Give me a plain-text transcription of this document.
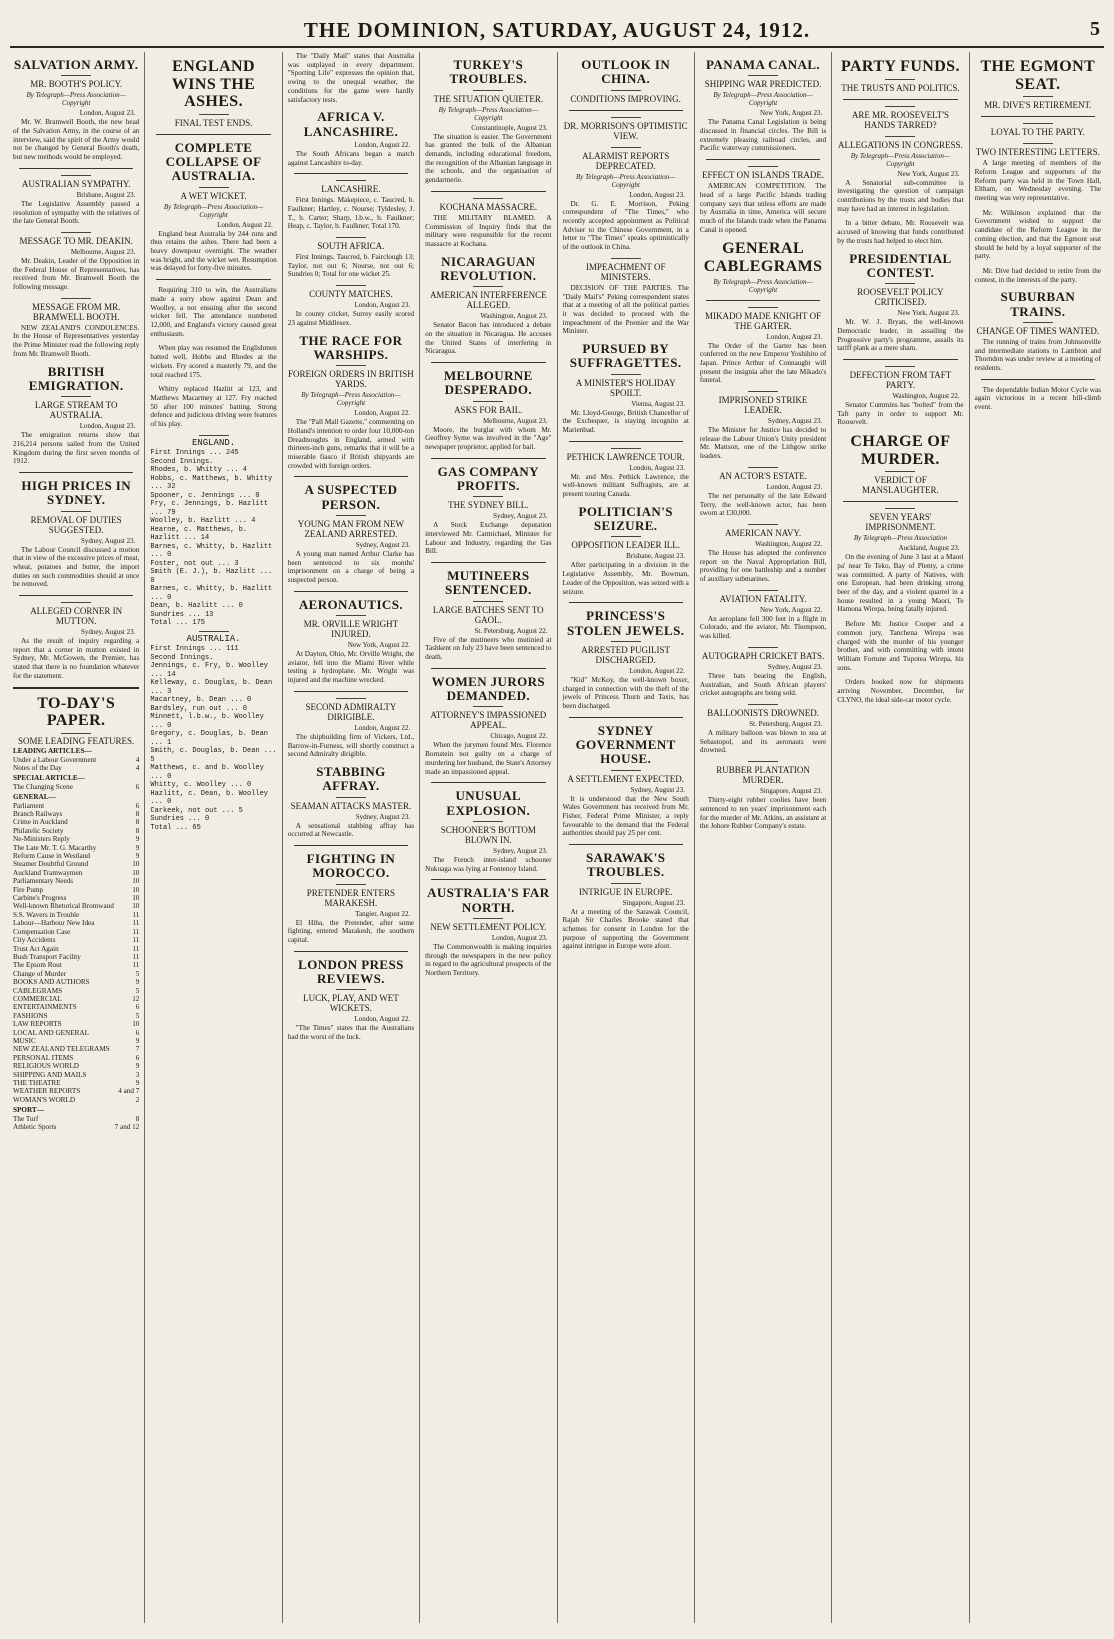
THE DOMINION, SATURDAY, AUGUST 24, 1912.	5
SALVATION ARMY.
MR. BOOTH'S POLICY.
By Telegraph—Press Association—Copyright
London, August 23.

Mr. W. Bramwell Booth, the new head of the Salvation Army, in the course of an interview, said the spirit of the Army would not be changed by General Booth's death, but new methods would be employed.

AUSTRALIAN SYMPATHY.
Brisbane, August 23.

The Legislative Assembly passed a resolution of sympathy with the relatives of the late General Booth.

MESSAGE TO MR. DEAKIN.
Melbourne, August 23.

Mr. Deakin, Leader of the Opposition in the Federal House of Representatives, has received from Mr. Bramwell Booth the following message.

MESSAGE FROM MR. BRAMWELL BOOTH.

NEW ZEALAND'S CONDOLENCES. In the House of Representatives yesterday the Prime Minister read the following reply from Mr. Bramwell Booth.

BRITISH EMIGRATION.
LARGE STREAM TO AUSTRALIA.
London, August 23.

The emigration returns show that 216,214 persons sailed from the United Kingdom during the first seven months of 1912.

HIGH PRICES IN SYDNEY.
REMOVAL OF DUTIES SUGGESTED.
Sydney, August 23.

The Labour Council discussed a motion that in view of the excessive prices of meat, wheat, potatoes and butter, the import duties on such commodities should at once be removed.

ALLEGED CORNER IN MUTTON.
Sydney, August 23.

As the result of inquiry regarding a report that a corner in mutton existed in Sydney, Mr. McGowen, the Premier, has stated that there is no foundation whatever for the statement.

TO-DAY'S PAPER.
SOME LEADING FEATURES.
LEADING ARTICLES—
Under a Labour Government	4
Notes of the Day	4
SPECIAL ARTICLE—
The Changing Scene	6
GENERAL—
Parliament	6
Branch Railways	8
Crime in Auckland	8
Philatelic Society	8
Ne-Ministers Reply	9
The Late Mr. T. G. Macarthy	9
Reform Cause in Westland	9
Steamer Doubtful Ground	10
Auckland Tramwaymen	10
Parliamentary Needs	10
Fire Pump	10
Carbine's Progress	10
Well-known Rhetorical Bromwaud	10
S.S. Wavers in Trouble	11
Labour—Harbour New Idea	11
Compensation Case	11
City Accidents	11
Trust Act Again	11
Bush Transport Facility	11
The Epsom Rout	11
Change of Murder	5
BOOKS AND AUTHORS	9
CABLEGRAMS	5
COMMERCIAL	12
ENTERTAINMENTS	6
FASHIONS	5
LAW REPORTS	10
LOCAL AND GENERAL	6
MUSIC	9
NEW ZEALAND TELEGRAMS	7
PERSONAL ITEMS	6
RELIGIOUS WORLD	9
SHIPPING AND MAILS	3
THE THEATRE	9
WEATHER REPORTS	4 and 7
WOMAN'S WORLD	2
SPORT—
The Turf	8
Athletic Sports	7 and 12
ENGLAND WINS THE ASHES.
FINAL TEST ENDS.
COMPLETE COLLAPSE OF AUSTRALIA.
A WET WICKET.
By Telegraph—Press Association—Copyright
London, August 22.

England beat Australia by 244 runs and thus retains the ashes. There had been a heavy downpour overnight. The weather was bright, and the wicket wet. Resumption was delayed for forty-five minutes.

Requiring 310 to win, the Australians made a sorry show against Dean and Woolley, a not ensuing after the second wicket fell. The attendance numbered 12,000, and England's victory caused great enthusiasm.

When play was resumed the Englishmen batted well, Hobbs and Rhodes at the wickets. Fry scored a masterly 79, and the total reached 175.

Whitty replaced Hazlitt at 123, and Matthews Macartney at 127. Fry reached 50 after 100 minutes' batting. Strong defence and judicious driving were features of his play.

ENGLAND.
First Innings ... 245
Second Innings.
Rhodes, b. Whitty ... 4
Hobbs, c. Matthews, b. Whitty ... 32
Spooner, c. Jennings ... 0
Fry, c. Jennings, b. Hazlitt ... 79
Woolley, b. Hazlitt ... 4
Hearne, c. Matthews, b. Hazlitt ... 14
Barnes, c. Whitty, b. Hazlitt ... 0
Foster, not out ... 3
Smith (E. J.), b. Hazlitt ... 0
Barnes, c. Whitty, b. Hazlitt ... 0
Dean, b. Hazlitt ... 0
Sundries ... 13
Total ... 175
AUSTRALIA.
First Innings ... 111
Second Innings.
Jennings, c. Fry, b. Woolley ... 14
Kelleway, c. Douglas, b. Dean ... 3
Macartney, b. Dean ... 0
Bardsley, run out ... 0
Minnett, l.b.w., b. Woolley ... 0
Gregory, c. Douglas, b. Dean ... 1
Smith, c. Douglas, b. Dean ... 5
Matthews, c. and b. Woolley ... 0
Whitty, c. Woolley ... 0
Hazlitt, c. Dean, b. Woolley ... 0
Carkeek, not out ... 5
Sundries ... 0
Total ... 65

The "Daily Mail" states that Australia was outplayed in every department. "Sporting Life" expresses the opinion that, owing to the unequal weather, the conditions for the game were hardly satisfactory tests.

AFRICA V. LANCASHIRE.
London, August 22.

The South Africans began a match against Lancashire to-day.

LANCASHIRE.

First Innings. Makepiece, c. Taucred, b. Faulkner; Hartley, c. Nourse; Tyldesley, J. T., b. Carter; Sharp, l.b.w., b. Faulkner; Heap, c. Taylor, b. Faulkner; Total 170.

SOUTH AFRICA.

First Innings. Taucred, b. Fairclough 13; Taylor, not out 6; Nourse, not out 6; Sundries 0; Total for one wicket 25.

COUNTY MATCHES.
London, August 23.

In county cricket, Surrey easily scored 23 against Middlesex.

THE RACE FOR WARSHIPS.
FOREIGN ORDERS IN BRITISH YARDS.
By Telegraph—Press Association—Copyright
London, August 22.

The "Pall Mall Gazette," commenting on Holland's intention to order four 10,000-ton Dreadnoughts in England, armed with thirteen-inch guns, remarks that it will be a miserable fiasco if British shipyards are crowded with foreign orders.

A SUSPECTED PERSON.
YOUNG MAN FROM NEW ZEALAND ARRESTED.
Sydney, August 23.

A young man named Arthur Clarke has been sentenced to six months' imprisonment on a charge of being a suspected person.

AERONAUTICS.
MR. ORVILLE WRIGHT INJURED.
New York, August 22.

At Dayton, Ohio, Mr. Orville Wright, the aviator, fell into the Miami River while testing a hydroplane. Mr. Wright was injured and the machine wrecked.

SECOND ADMIRALTY DIRIGIBLE.
London, August 22.

The shipbuilding firm of Vickers, Ltd., Barrow-in-Furness, will shortly construct a second Admiralty dirigible.

STABBING AFFRAY.
SEAMAN ATTACKS MASTER.
Sydney, August 23.

A sensational stabbing affray has occurred at Newcastle.

FIGHTING IN MOROCCO.
PRETENDER ENTERS MARAKESH.
Tangier, August 22.

El Hiba, the Pretender, after some fighting, entered Marakesh, the southern capital.

LONDON PRESS REVIEWS.
LUCK, PLAY, AND WET WICKETS.
London, August 22.

"The Times" states that the Australians had the worst of the luck.

TURKEY'S TROUBLES.
THE SITUATION QUIETER.
By Telegraph—Press Association—Copyright
Constantinople, August 23.

The situation is easier. The Government has granted the bulk of the Albanian demands, including educational freedom, the recognition of the Albanian language in the schools, and the organisation of gendarmerie.

KOCHANA MASSACRE.

THE MILITARY BLAMED. A Commission of Inquiry finds that the military were responsible for the recent massacre at Kochana.

NICARAGUAN REVOLUTION.
AMERICAN INTERFERENCE ALLEGED.
Washington, August 23.

Senator Bacon has introduced a debate on the situation in Nicaragua. He accuses the United States of interfering in Nicaragua.

MELBOURNE DESPERADO.
ASKS FOR BAIL.
Melbourne, August 23.

Moore, the burglar with whom Mr. Geoffrey Syme was involved in the "Age" newspaper proprietor, applied for bail.

GAS COMPANY PROFITS.
THE SYDNEY BILL.
Sydney, August 23.

A Stock Exchange deputation interviewed Mr. Carmichael, Minister for Labour and Industry, regarding the Gas Bill.

MUTINEERS SENTENCED.
LARGE BATCHES SENT TO GAOL.
St. Petersburg, August 22.

Five of the mutineers who mutinied at Tashkent on July 23 have been sentenced to death.

WOMEN JURORS DEMANDED.
ATTORNEY'S IMPASSIONED APPEAL.
Chicago, August 22.

When the jurymen found Mrs. Florence Bornstein not guilty on a charge of murdering her husband, the State's Attorney made an impassioned appeal.

UNUSUAL EXPLOSION.
SCHOONER'S BOTTOM BLOWN IN.
Sydney, August 23.

The French inter-island schooner Nukuaga was lying at Fontenoy Island.

AUSTRALIA'S FAR NORTH.
NEW SETTLEMENT POLICY.
London, August 23.

The Commonwealth is making inquiries through the newspapers in the new policy in regard to the agricultural prospects of the Northern Territory.

OUTLOOK IN CHINA.
CONDITIONS IMPROVING.
DR. MORRISON'S OPTIMISTIC VIEW.
ALARMIST REPORTS DEPRECATED.
By Telegraph—Press Association—Copyright
London, August 23.

Dr. G. E. Morrison, Peking correspondent of "The Times," who recently accepted appointment as Political Adviser to the Chinese Government, in a letter to "The Times" speaks optimistically of the outlook in China.

IMPEACHMENT OF MINISTERS.

DECISION OF THE PARTIES. The "Daily Mail's" Peking correspondent states that at a meeting of all the political parties it was decided to proceed with the impeachment of the Premier and the War Minister.

PURSUED BY SUFFRAGETTES.
A MINISTER'S HOLIDAY SPOILT.
Vienna, August 23.

Mr. Lloyd-George, British Chancellor of the Exchequer, is staying incognito at Marienbad.

PETHICK LAWRENCE TOUR.
London, August 23.

Mr. and Mrs. Pethick Lawrence, the well-known militant Suffragists, are at present touring Canada.

POLITICIAN'S SEIZURE.
OPPOSITION LEADER ILL.
Brisbane, August 23.

After participating in a division in the Legislative Assembly, Mr. Bowman, Leader of the Opposition, was seized with a seizure.

PRINCESS'S STOLEN JEWELS.
ARRESTED PUGILIST DISCHARGED.
London, August 22.

"Kid" McKoy, the well-known boxer, charged in connection with the theft of the jewels of Princess Thurn and Taxis, has been discharged.

SYDNEY GOVERNMENT HOUSE.
A SETTLEMENT EXPECTED.
Sydney, August 23.

It is understood that the New South Wales Government has received from Mr. Fisher, Federal Prime Minister, a reply favourable to the demand that the Federal authorities should pay 25 per cent.

SARAWAK'S TROUBLES.
INTRIGUE IN EUROPE.
Singapore, August 23.

At a meeting of the Sarawak Council, Rajah Sir Charles Brooke stated that schemes for consent in London for the purpose of supporting the Government against intrigue in Europe were afoot.

PANAMA CANAL.
SHIPPING WAR PREDICTED.
By Telegraph—Press Association—Copyright
New York, August 23.

The Panama Canal Legislation is being discussed in financial circles. The Bill is extremely pleasing railroad circles, and Pacific waterway commissioners.

EFFECT ON ISLANDS TRADE.

AMERICAN COMPETITION. The head of a large Pacific Islands trading company says that unless efforts are made by Australia in time, America will secure much of the Islands trade when the Panama Canal is opened.

GENERAL CABLEGRAMS
By Telegraph—Press Association—Copyright
MIKADO MADE KNIGHT OF THE GARTER.
London, August 23.

The Order of the Garter has been conferred on the new Emperor Yoshihito of Japan. Prince Arthur of Connaught will present the insignia after the late Mikado's funeral.

IMPRISONED STRIKE LEADER.
Sydney, August 23.

The Minister for Justice has decided to release the Labour Union's Unity president Mr. Mattson, one of the Lithgow strike leaders.

AN ACTOR'S ESTATE.
London, August 23.

The net personalty of the late Edward Terry, the well-known actor, has been sworn at £30,000.

AMERICAN NAVY.
Washington, August 22.

The House has adopted the conference report on the Naval Appropriation Bill, providing for one battleship and a number of auxiliary submarines.

AVIATION FATALITY.
New York, August 22.

An aeroplane fell 300 feet in a flight in Colorado, and the aviator, Mr. Thompson, was killed.

AUTOGRAPH CRICKET BATS.
Sydney, August 23.

Three bats bearing the English, Australian, and South African players' cricket autographs are being sold.

BALLOONISTS DROWNED.
St. Petersburg, August 23.

A military balloon was blown to sea at Sebastopol, and its aeronauts were drowned.

RUBBER PLANTATION MURDER.
Singapore, August 23.

Thirty-eight rubber coolies have been sentenced to ten years' imprisonment each for the murder of Mr. Atkins, an assistant at the Johore Rubber Company's estate.

PARTY FUNDS.
THE TRUSTS AND POLITICS.
ARE MR. ROOSEVELT'S HANDS TARRED?
ALLEGATIONS IN CONGRESS.
By Telegraph—Press Association—Copyright
New York, August 23.

A Senatorial sub-committee is investigating the question of campaign contributions by the trusts and bodies that may have had an interest in legislation.

In a bitter debate, Mr. Roosevelt was accused of knowing that funds contributed by the trusts had helped to elect him.

PRESIDENTIAL CONTEST.
ROOSEVELT POLICY CRITICISED.
New York, August 23.

Mr. W. J. Bryan, the well-known Democratic leader, in assailing the Progressive party's programme, assails its tariff plank as a mere sham.

DEFECTION FROM TAFT PARTY.
Washington, August 22.

Senator Cummins has "bolted" from the Taft party in order to support Mr. Roosevelt.

CHARGE OF MURDER.
VERDICT OF MANSLAUGHTER.
SEVEN YEARS' IMPRISONMENT.
By Telegraph—Press Association
Auckland, August 23.

On the evening of June 3 last at a Maori pa' near Te Teko, Bay of Plenty, a crime was committed. A party of Natives, with one European, had been drinking strong beer of the day, and a violent quarrel in a house resulted in a young Maori, Te Hamona Wirepa, being fatally injured.

Before Mr. Justice Cooper and a common jury, Tanchena Wirepa was charged with the murder of his younger brother, and with committing with intent William Fortune and Tupotea Wirepa, his sons.

Orders booked now for shipments arriving November, December, for CLYNO, the ideal side-car motor cycle.

THE EGMONT SEAT.
MR. DIVE'S RETIREMENT.
LOYAL TO THE PARTY.
TWO INTERESTING LETTERS.

A large meeting of members of the Reform League and supporters of the Reform party was held in the Town Hall, Eltham, on Wednesday evening. The meeting was very representative.

Mr. Wilkinson explained that the Government wished to support the candidate of the Reform League in the coming election, and that the Egmont seat should be held by a loyal supporter of the party.

Mr. Dive had decided to retire from the contest, in the interests of the party.

SUBURBAN TRAINS.
CHANGE OF TIMES WANTED.

The running of trains from Johnsonville and intermediate stations to Lambton and Thorndon was under review at a meeting of residents.

The dependable Indian Motor Cycle was again victorious in a recent hill-climb event.
